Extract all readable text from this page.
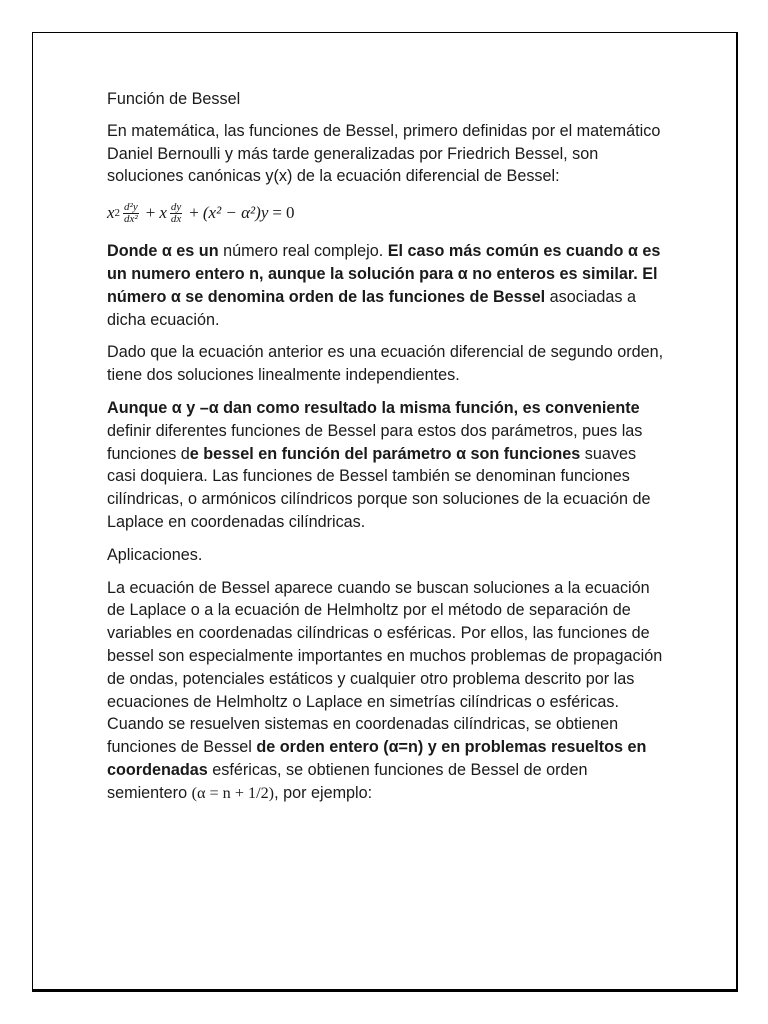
Función de Bessel

En matemática, las funciones de Bessel, primero definidas por el matemático Daniel Bernoulli y más tarde generalizadas por Friedrich Bessel, son soluciones canónicas y(x) de la ecuación diferencial de Bessel:

x $2 \frac{\text{d²y}}{\text{dx²}} + x \frac{dy}{dx} + (x^2 - \alpha^2)y = 0$

Donde α es un número real complejo. El caso más común es cuando α es un numero entero n, aunque la solución para α no enteros es similar. El número α se denomina orden de las funciones de Bessel asociadas a dicha ecuación.

Dado que la ecuación anterior es una ecuación diferencial de segundo orden, tiene dos soluciones linealmente independientes.

Aunque α y –α dan como resultado la misma función, es conveniente definir diferentes funciones de Bessel para estos dos parámetros, pues las funciones de bessel en función del parámetro α son funciones suaves casi doquiera. Las funciones de Bessel también se denominan funciones cilíndricas, o armónicos cilíndricos porque son soluciones de la ecuación de Laplace en coordenadas cilíndricas.

Aplicaciones.

La ecuación de Bessel aparece cuando se buscan soluciones a la ecuación de Laplace o a la ecuación de Helmholtz por el método de separación de variables en coordenadas cilíndricas o esféricas. Por ellos, las funciones de bessel son especialmente importantes en muchos problemas de propagación de ondas, potenciales estáticos y cualquier otro problema descrito por las ecuaciones de Helmholtz o Laplace en simetrías cilíndricas o esféricas. Cuando se resuelven sistemas en coordenadas cilíndricas, se obtienen funciones de Bessel de orden entero (α=n) y en problemas resueltos en coordenadas esféricas, se obtienen funciones de Bessel de orden semientero (α = n + 1/2), por ejemplo:
